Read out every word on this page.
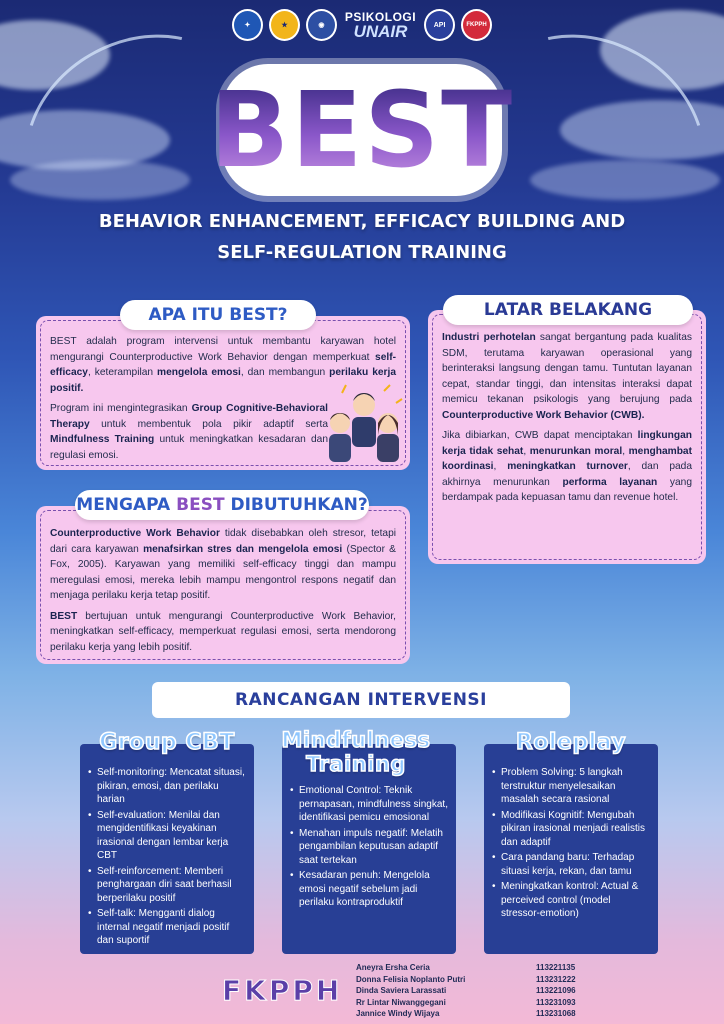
✦	★	◉
PSIKOLOGI
UNAIR	API	FKPPH
BEST
BEHAVIOR ENHANCEMENT, EFFICACY BUILDING AND
SELF-REGULATION TRAINING
APA ITU BEST?

BEST adalah program intervensi untuk membantu karyawan hotel mengurangi Counterproductive Work Behavior dengan memperkuat self-efficacy, keterampilan mengelola emosi, dan membangun perilaku kerja positif.

Program ini mengintegrasikan Group Cognitive-Behavioral Therapy untuk membentuk pola pikir adaptif serta Mindfulness Training untuk meningkatkan kesadaran dan regulasi emosi.

LATAR BELAKANG

Industri perhotelan sangat bergantung pada kualitas SDM, terutama karyawan operasional yang berinteraksi langsung dengan tamu. Tuntutan layanan cepat, standar tinggi, dan intensitas interaksi dapat memicu tekanan psikologis yang berujung pada Counterproductive Work Behavior (CWB).

Jika dibiarkan, CWB dapat menciptakan lingkungan kerja tidak sehat, menurunkan moral, menghambat koordinasi, meningkatkan turnover, dan pada akhirnya menurunkan performa layanan yang berdampak pada kepuasan tamu dan revenue hotel.

MENGAPA BEST DIBUTUHKAN?

Counterproductive Work Behavior tidak disebabkan oleh stresor, tetapi dari cara karyawan menafsirkan stres dan mengelola emosi (Spector & Fox, 2005). Karyawan yang memiliki self-efficacy tinggi dan mampu meregulasi emosi, mereka lebih mampu mengontrol respons negatif dan menjaga perilaku kerja tetap positif.

BEST bertujuan untuk mengurangi Counterproductive Work Behavior, meningkatkan self-efficacy, memperkuat regulasi emosi, serta mendorong perilaku kerja yang lebih positif.

RANCANGAN INTERVENSI
Group CBT
• Self-monitoring: Mencatat situasi, pikiran, emosi, dan perilaku harian
• Self-evaluation: Menilai dan mengidentifikasi keyakinan irasional dengan lembar kerja CBT
• Self-reinforcement: Memberi penghargaan diri saat berhasil berperilaku positif
• Self-talk: Mengganti dialog internal negatif menjadi positif dan suportif
Mindfulness Training
• Emotional Control: Teknik pernapasan, mindfulness singkat, identifikasi pemicu emosional
• Menahan impuls negatif: Melatih pengambilan keputusan adaptif saat tertekan
• Kesadaran penuh: Mengelola emosi negatif sebelum jadi perilaku kontraproduktif
Roleplay
• Problem Solving: 5 langkah terstruktur menyelesaikan masalah secara rasional
• Modifikasi Kognitif: Mengubah pikiran irasional menjadi realistis dan adaptif
• Cara pandang baru: Terhadap situasi kerja, rekan, dan tamu
• Meningkatkan kontrol: Actual & perceived control (model stressor-emotion)
FKPPH
Aneyra Ersha Ceria	113221135
Donna Felisia Noplanto Putri	113231222
Dinda Saviera Larassati	113221096
Rr Lintar Niwanggegani	113231093
Jannice Windy Wijaya	113231068
